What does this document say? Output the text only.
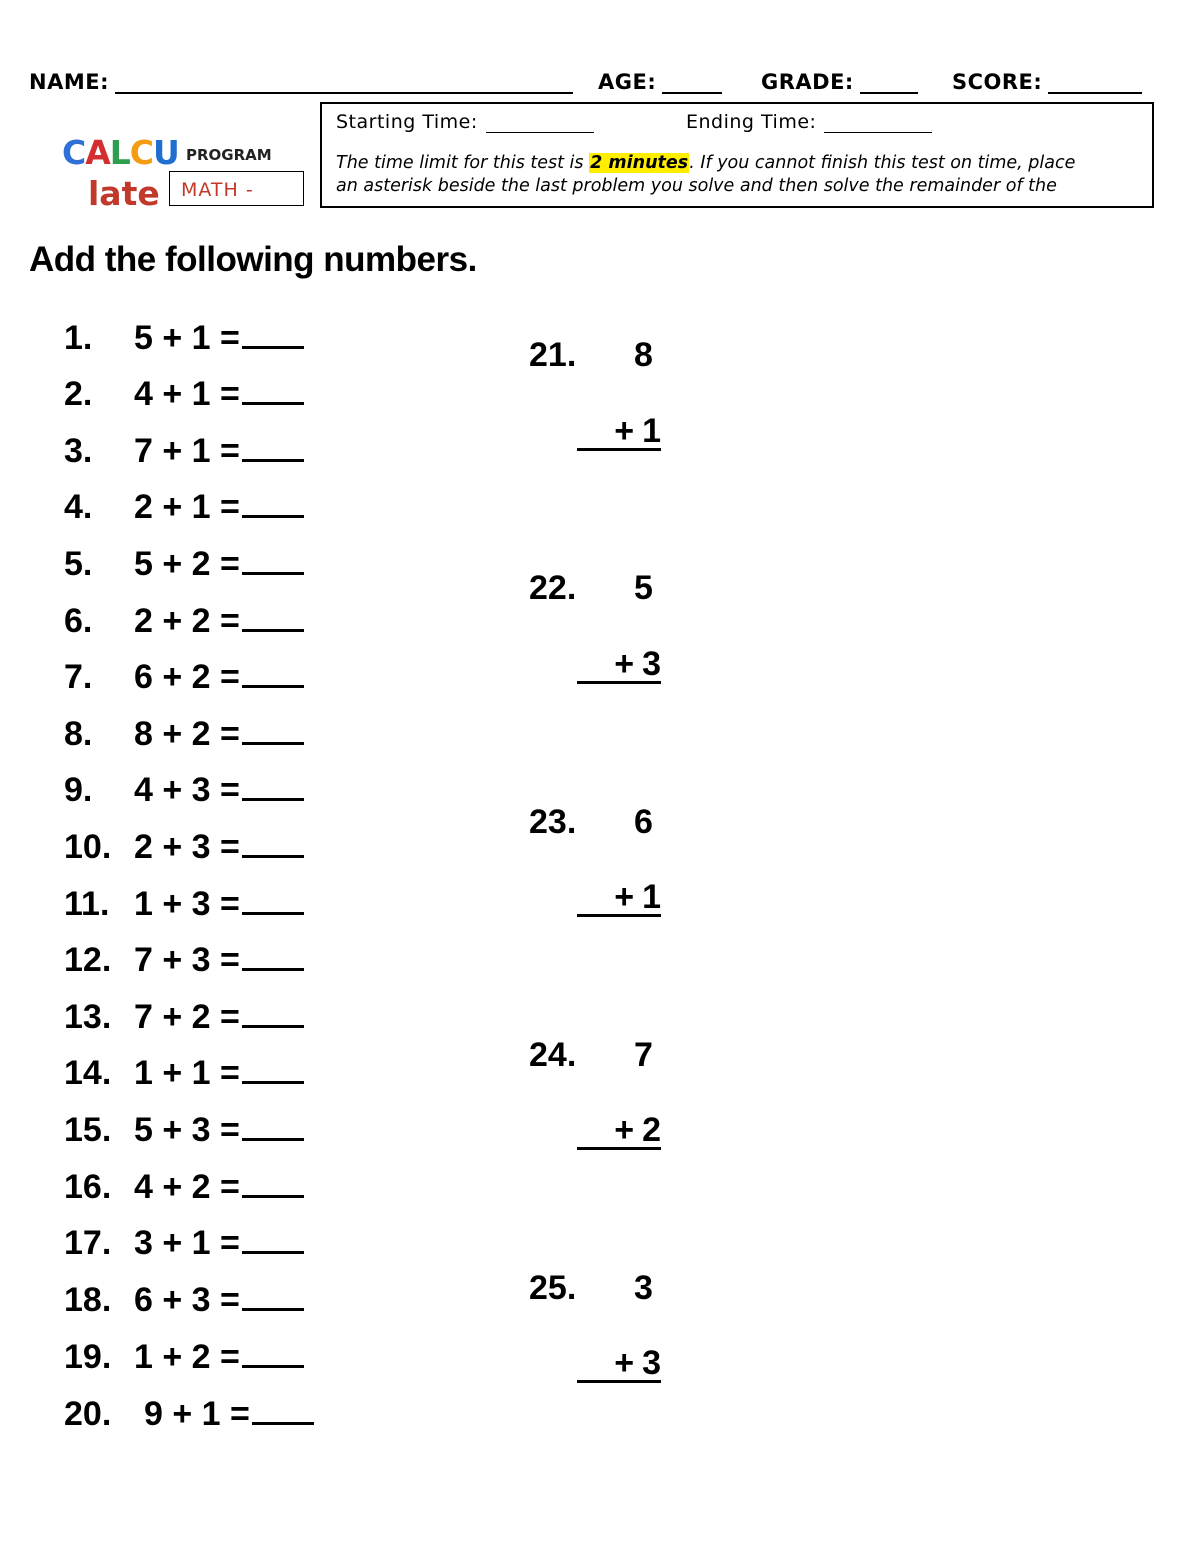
NAME:	AGE:	GRADE:	SCORE:
CALCU PROGRAM
late MATH -
Starting Time:	Ending Time:
The time limit for this test is 2 minutes. If you cannot finish this test on time, place
an asterisk beside the last problem you solve and then solve the remainder of the
Add the following numbers.
1. 5 + 1 =
2. 4 + 1 =
3. 7 + 1 =
4. 2 + 1 =
5. 5 + 2 =
6. 2 + 2 =
7. 6 + 2 =
8. 8 + 2 =
9. 4 + 3 =
10. 2 + 3 =
11. 1 + 3 =
12. 7 + 3 =
13. 7 + 2 =
14. 1 + 1 =
15. 5 + 3 =
16. 4 + 2 =
17. 3 + 1 =
18. 6 + 3 =
19. 1 + 2 =
20. 9 + 1 =
21. 8
+1
22. 5
+3
23. 6
+1
24. 7
+2
25. 3
+3
